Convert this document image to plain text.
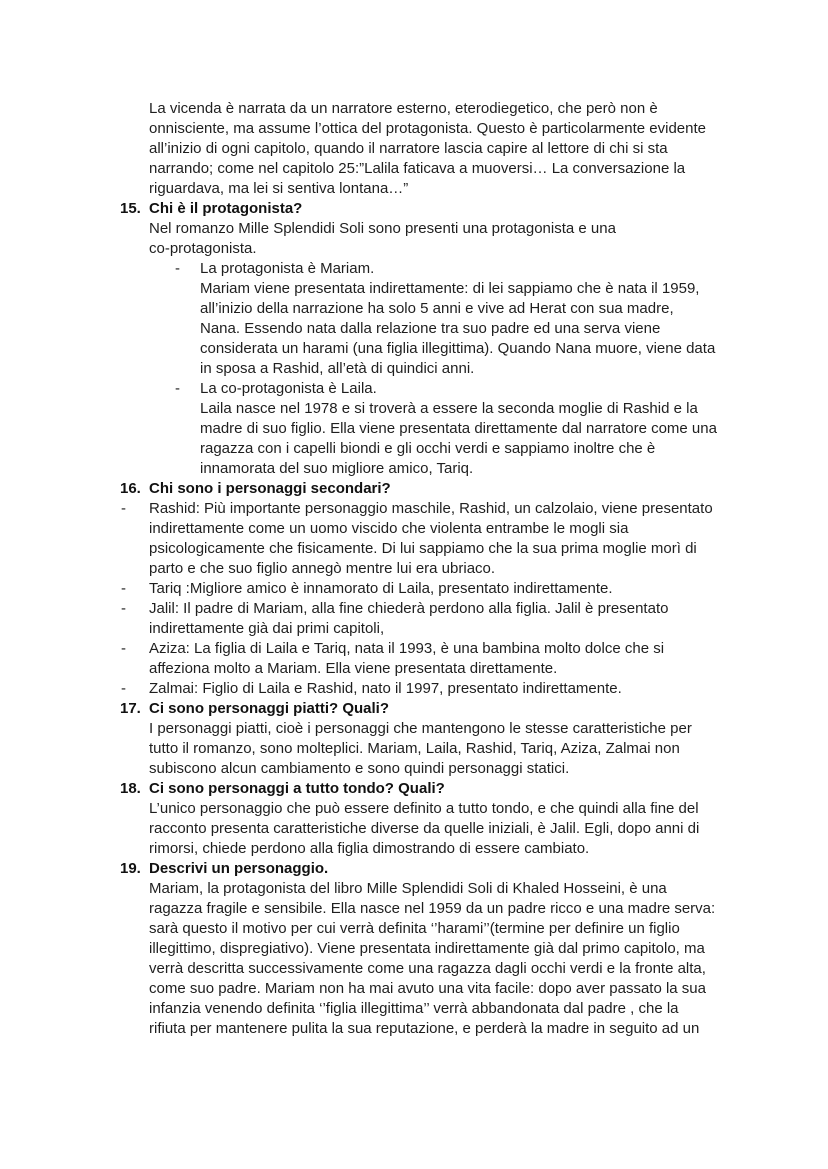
La vicenda è narrata da un narratore esterno, eterodiegetico, che però non è
onnisciente, ma assume l’ottica del protagonista. Questo è particolarmente evidente
all’inizio di ogni capitolo, quando il narratore lascia capire al lettore di chi si sta
narrando; come nel capitolo 25:”Lalila faticava a muoversi… La conversazione la
riguardava, ma lei si sentiva lontana…”
15. Chi è il protagonista?
Nel romanzo Mille Splendidi Soli sono presenti una protagonista e una
co-protagonista.
- La protagonista è Mariam.
Mariam viene presentata indirettamente: di lei sappiamo che è nata il 1959,
all’inizio della narrazione ha solo 5 anni e vive ad Herat con sua madre,
Nana. Essendo nata dalla relazione tra suo padre ed una serva viene
considerata un harami (una figlia illegittima). Quando Nana muore, viene data
in sposa a Rashid, all’età di quindici anni.
- La co-protagonista è Laila.
Laila nasce nel 1978 e si troverà a essere la seconda moglie di Rashid e la
madre di suo figlio. Ella viene presentata direttamente dal narratore come una
ragazza con i capelli biondi e gli occhi verdi e sappiamo inoltre che è
innamorata del suo migliore amico, Tariq.
16. Chi sono i personaggi secondari?
- Rashid: Più importante personaggio maschile, Rashid, un calzolaio, viene presentato
indirettamente come un uomo viscido che violenta entrambe le mogli sia
psicologicamente che fisicamente. Di lui sappiamo che la sua prima moglie morì di
parto e che suo figlio annegò mentre lui era ubriaco.
- Tariq :Migliore amico è innamorato di Laila, presentato indirettamente.
- Jalil: Il padre di Mariam, alla fine chiederà perdono alla figlia. Jalil è presentato
indirettamente già dai primi capitoli,
- Aziza: La figlia di Laila e Tariq, nata il 1993, è una bambina molto dolce che si
affeziona molto a Mariam. Ella viene presentata direttamente.
- Zalmai: Figlio di Laila e Rashid, nato il 1997, presentato indirettamente.
17. Ci sono personaggi piatti? Quali?
I personaggi piatti, cioè i personaggi che mantengono le stesse caratteristiche per
tutto il romanzo, sono molteplici. Mariam, Laila, Rashid, Tariq, Aziza, Zalmai non
subiscono alcun cambiamento e sono quindi personaggi statici.
18. Ci sono personaggi a tutto tondo? Quali?
L’unico personaggio che può essere definito a tutto tondo, e che quindi alla fine del
racconto presenta caratteristiche diverse da quelle iniziali, è Jalil. Egli, dopo anni di
rimorsi, chiede perdono alla figlia dimostrando di essere cambiato.
19. Descrivi un personaggio.
Mariam, la protagonista del libro Mille Splendidi Soli di Khaled Hosseini, è una
ragazza fragile e sensibile. Ella nasce nel 1959 da un padre ricco e una madre serva:
sarà questo il motivo per cui verrà definita ‘’harami’’(termine per definire un figlio
illegittimo, dispregiativo). Viene presentata indirettamente già dal primo capitolo, ma
verrà descritta successivamente come una ragazza dagli occhi verdi e la fronte alta,
come suo padre. Mariam non ha mai avuto una vita facile: dopo aver passato la sua
infanzia venendo definita ‘’figlia illegittima’’ verrà abbandonata dal padre , che la
rifiuta per mantenere pulita la sua reputazione, e perderà la madre in seguito ad un
